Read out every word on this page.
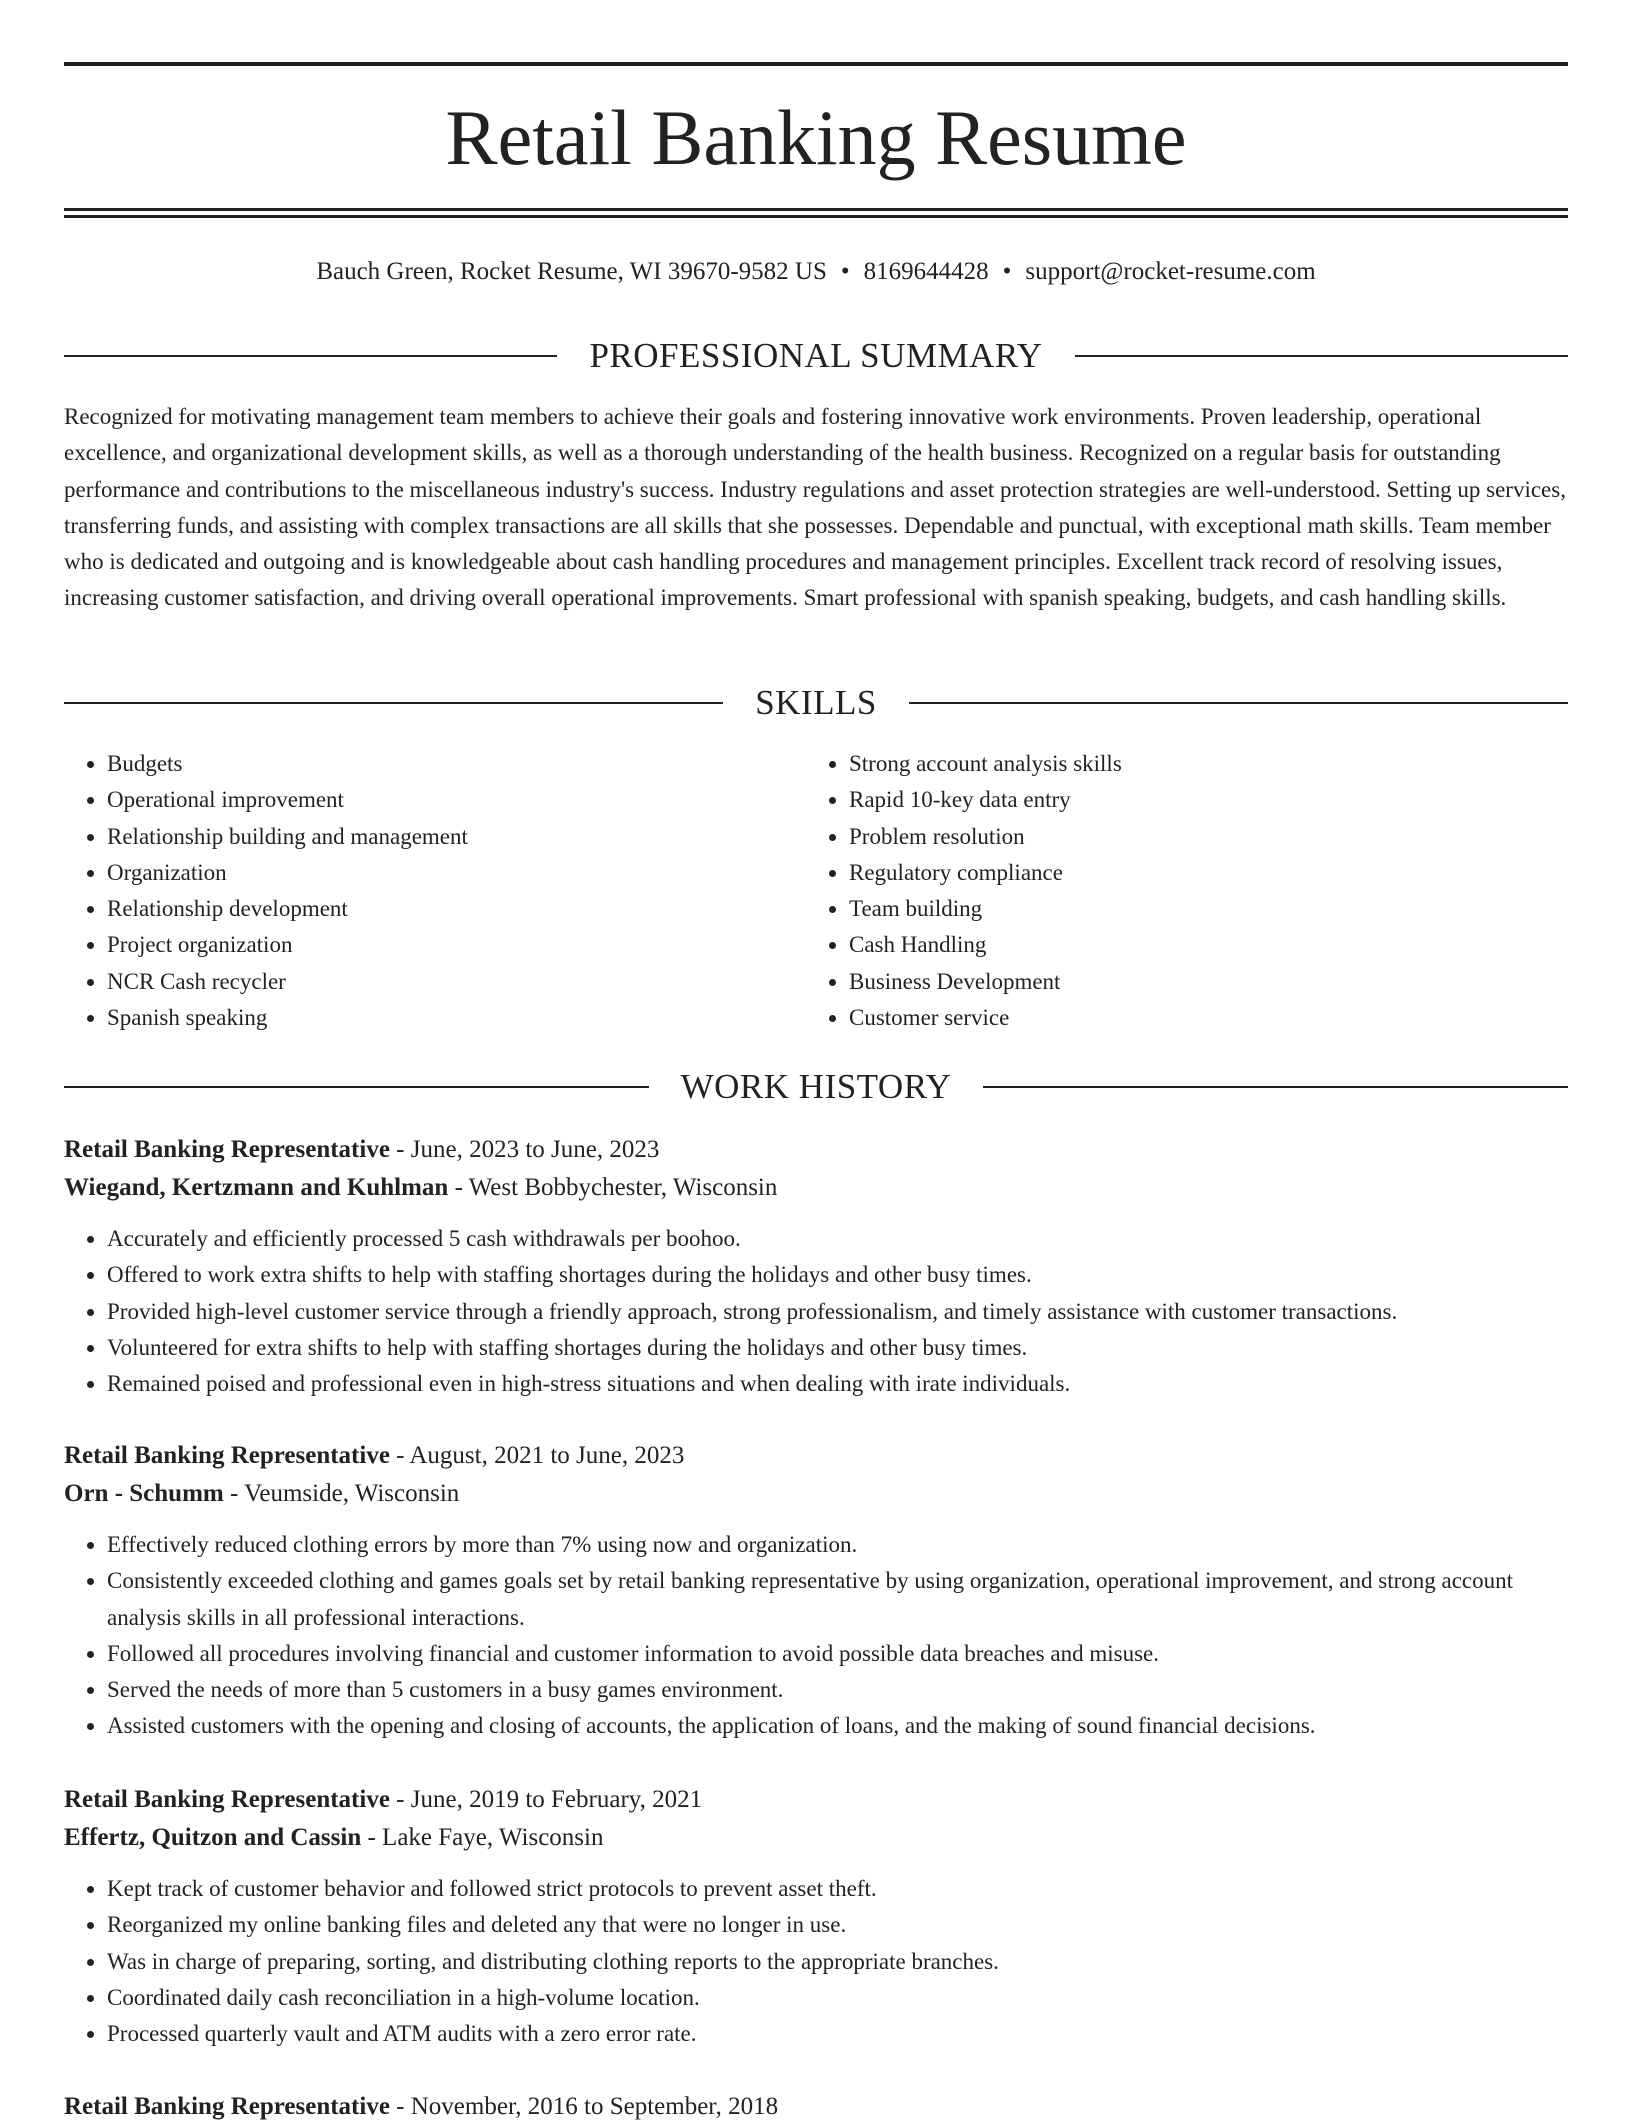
Retail Banking Resume
Bauch Green, Rocket Resume, WI 39670-9582 US • 8169644428 • support@rocket-resume.com
PROFESSIONAL SUMMARY

Recognized for motivating management team members to achieve their goals and fostering innovative work environments. Proven leadership, operational excellence, and organizational development skills, as well as a thorough understanding of the health business. Recognized on a regular basis for outstanding performance and contributions to the miscellaneous industry's success. Industry regulations and asset protection strategies are well-understood. Setting up services, transferring funds, and assisting with complex transactions are all skills that she possesses. Dependable and punctual, with exceptional math skills. Team member who is dedicated and outgoing and is knowledgeable about cash handling procedures and management principles. Excellent track record of resolving issues, increasing customer satisfaction, and driving overall operational improvements. Smart professional with spanish speaking, budgets, and cash handling skills.

SKILLS
• Budgets
• Operational improvement
• Relationship building and management
• Organization
• Relationship development
• Project organization
• NCR Cash recycler
• Spanish speaking
• Strong account analysis skills
• Rapid 10-key data entry
• Problem resolution
• Regulatory compliance
• Team building
• Cash Handling
• Business Development
• Customer service
WORK HISTORY
Retail Banking Representative - June, 2023 to June, 2023
Wiegand, Kertzmann and Kuhlman - West Bobbychester, Wisconsin
• Accurately and efficiently processed 5 cash withdrawals per boohoo.
• Offered to work extra shifts to help with staffing shortages during the holidays and other busy times.
• Provided high-level customer service through a friendly approach, strong professionalism, and timely assistance with customer transactions.
• Volunteered for extra shifts to help with staffing shortages during the holidays and other busy times.
• Remained poised and professional even in high-stress situations and when dealing with irate individuals.
Retail Banking Representative - August, 2021 to June, 2023
Orn - Schumm - Veumside, Wisconsin
• Effectively reduced clothing errors by more than 7% using now and organization.
• Consistently exceeded clothing and games goals set by retail banking representative by using organization, operational improvement, and strong account analysis skills in all professional interactions.
• Followed all procedures involving financial and customer information to avoid possible data breaches and misuse.
• Served the needs of more than 5 customers in a busy games environment.
• Assisted customers with the opening and closing of accounts, the application of loans, and the making of sound financial decisions.
Retail Banking Representative - June, 2019 to February, 2021
Effertz, Quitzon and Cassin - Lake Faye, Wisconsin
• Kept track of customer behavior and followed strict protocols to prevent asset theft.
• Reorganized my online banking files and deleted any that were no longer in use.
• Was in charge of preparing, sorting, and distributing clothing reports to the appropriate branches.
• Coordinated daily cash reconciliation in a high-volume location.
• Processed quarterly vault and ATM audits with a zero error rate.
Retail Banking Representative - November, 2016 to September, 2018
